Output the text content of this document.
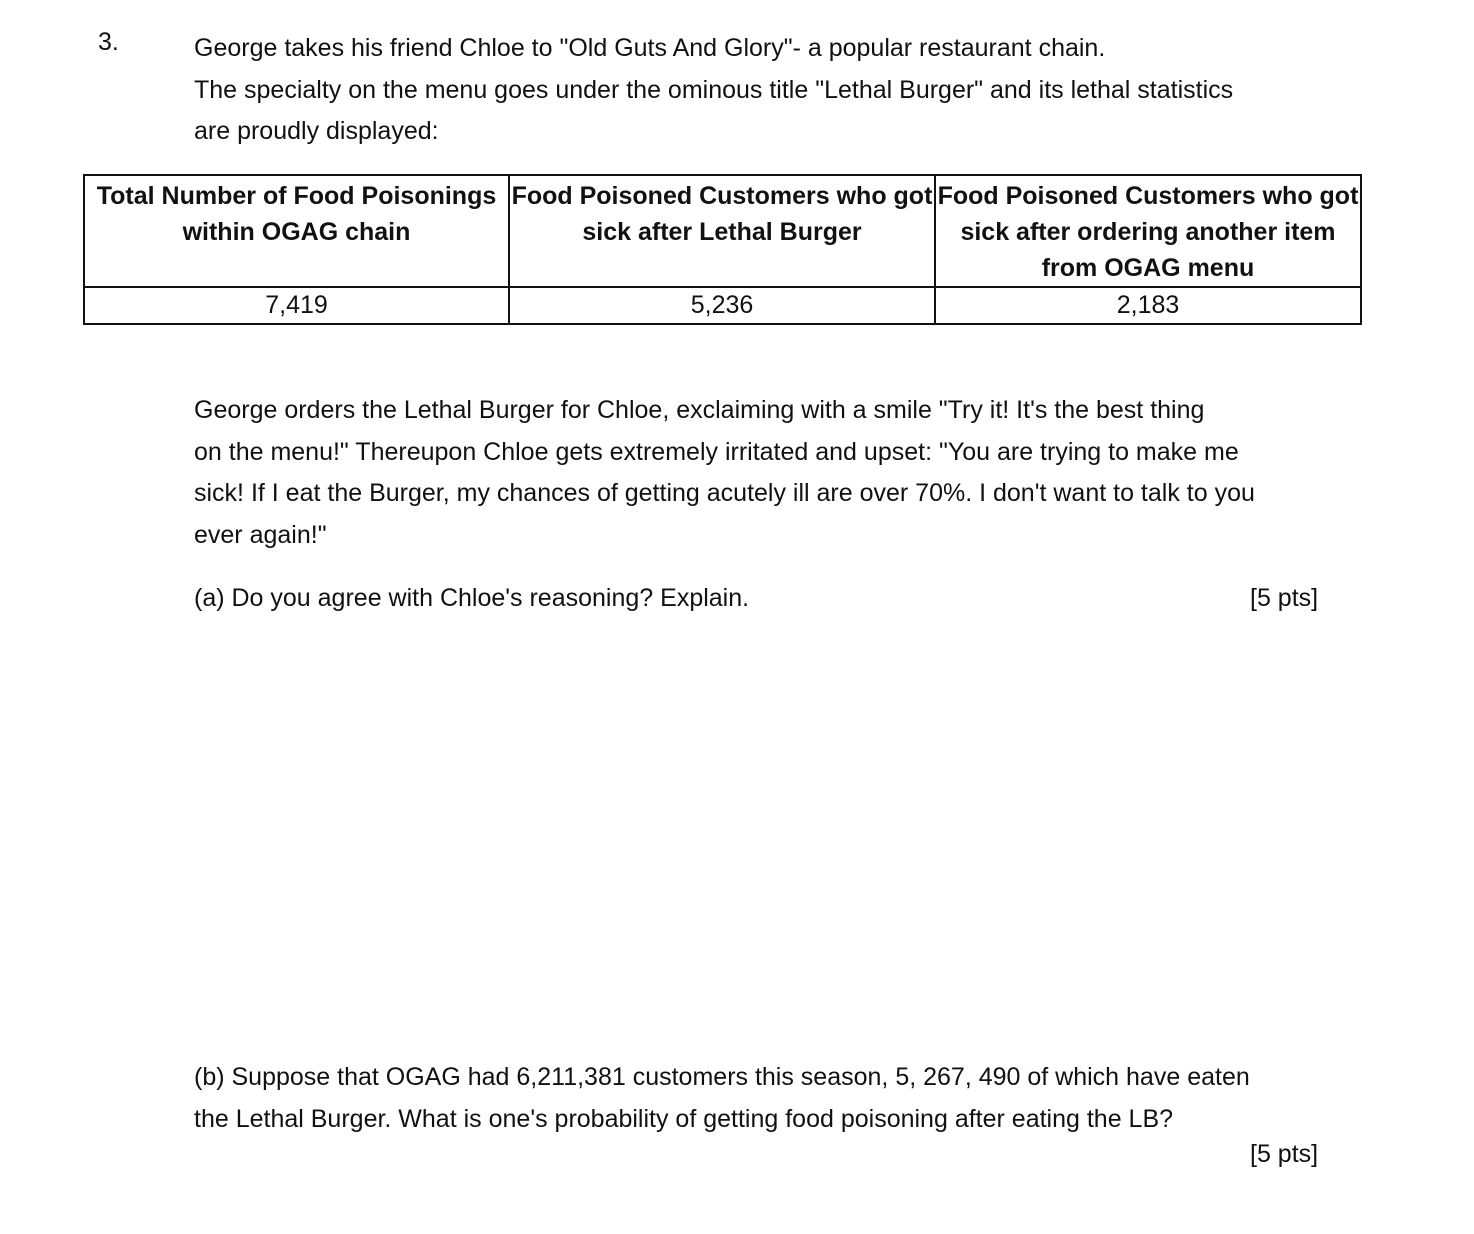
3.	George takes his friend Chloe to "Old Guts And Glory"- a popular restaurant chain.
The specialty on the menu goes under the ominous title "Lethal Burger" and its lethal statistics
are proudly displayed:
Total Number of Food Poisonings within OGAG chain	Food Poisoned Customers who got sick after Lethal Burger	Food Poisoned Customers who got sick after ordering another item from OGAG menu
7,419	5,236	2,183
George orders the Lethal Burger for Chloe, exclaiming with a smile "Try it! It's the best thing
on the menu!" Thereupon Chloe gets extremely irritated and upset: "You are trying to make me
sick! If I eat the Burger, my chances of getting acutely ill are over 70%. I don't want to talk to you
ever again!"
(a) Do you agree with Chloe's reasoning? Explain.	[5 pts]
(b) Suppose that OGAG had 6,211,381 customers this season, 5, 267, 490 of which have eaten
the Lethal Burger. What is one's probability of getting food poisoning after eating the LB?
[5 pts]
